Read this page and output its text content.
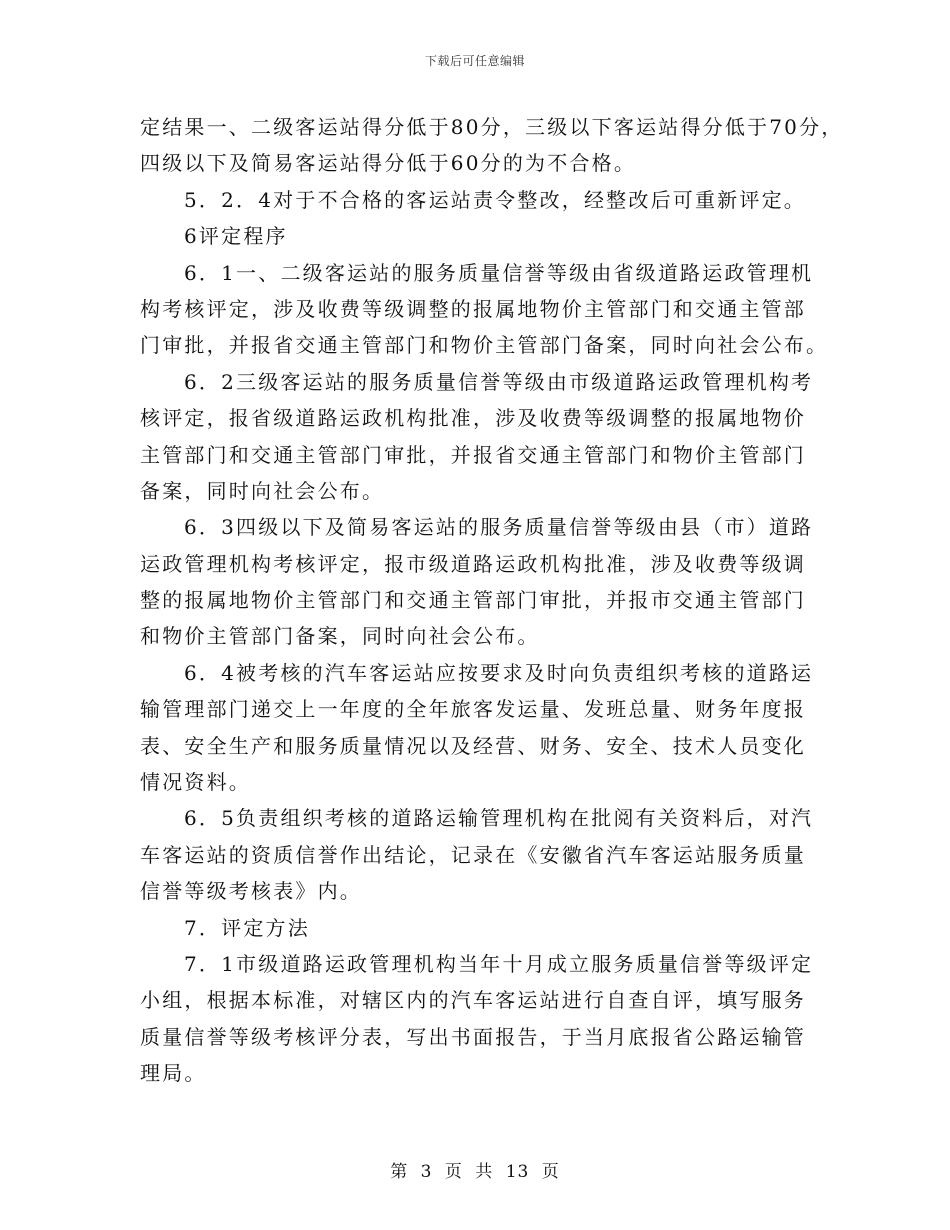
下载后可任意编辑
定结果一、二级客运站得分低于80分，三级以下客运站得分低于70分，
四级以下及简易客运站得分低于60分的为不合格。
5．2．4对于不合格的客运站责令整改，经整改后可重新评定。
6评定程序
6．1一、二级客运站的服务质量信誉等级由省级道路运政管理机
构考核评定，涉及收费等级调整的报属地物价主管部门和交通主管部
门审批，并报省交通主管部门和物价主管部门备案，同时向社会公布。
6．2三级客运站的服务质量信誉等级由市级道路运政管理机构考
核评定，报省级道路运政机构批准，涉及收费等级调整的报属地物价
主管部门和交通主管部门审批，并报省交通主管部门和物价主管部门
备案，同时向社会公布。
6．3四级以下及简易客运站的服务质量信誉等级由县（市）道路
运政管理机构考核评定，报市级道路运政机构批准，涉及收费等级调
整的报属地物价主管部门和交通主管部门审批，并报市交通主管部门
和物价主管部门备案，同时向社会公布。
6．4被考核的汽车客运站应按要求及时向负责组织考核的道路运
输管理部门递交上一年度的全年旅客发运量、发班总量、财务年度报
表、安全生产和服务质量情况以及经营、财务、安全、技术人员变化
情况资料。
6．5负责组织考核的道路运输管理机构在批阅有关资料后，对汽
车客运站的资质信誉作出结论，记录在《安徽省汽车客运站服务质量
信誉等级考核表》内。
7．评定方法
7．1市级道路运政管理机构当年十月成立服务质量信誉等级评定
小组，根据本标准，对辖区内的汽车客运站进行自查自评，填写服务
质量信誉等级考核评分表，写出书面报告，于当月底报省公路运输管
理局。
第 3 页 共 13 页
